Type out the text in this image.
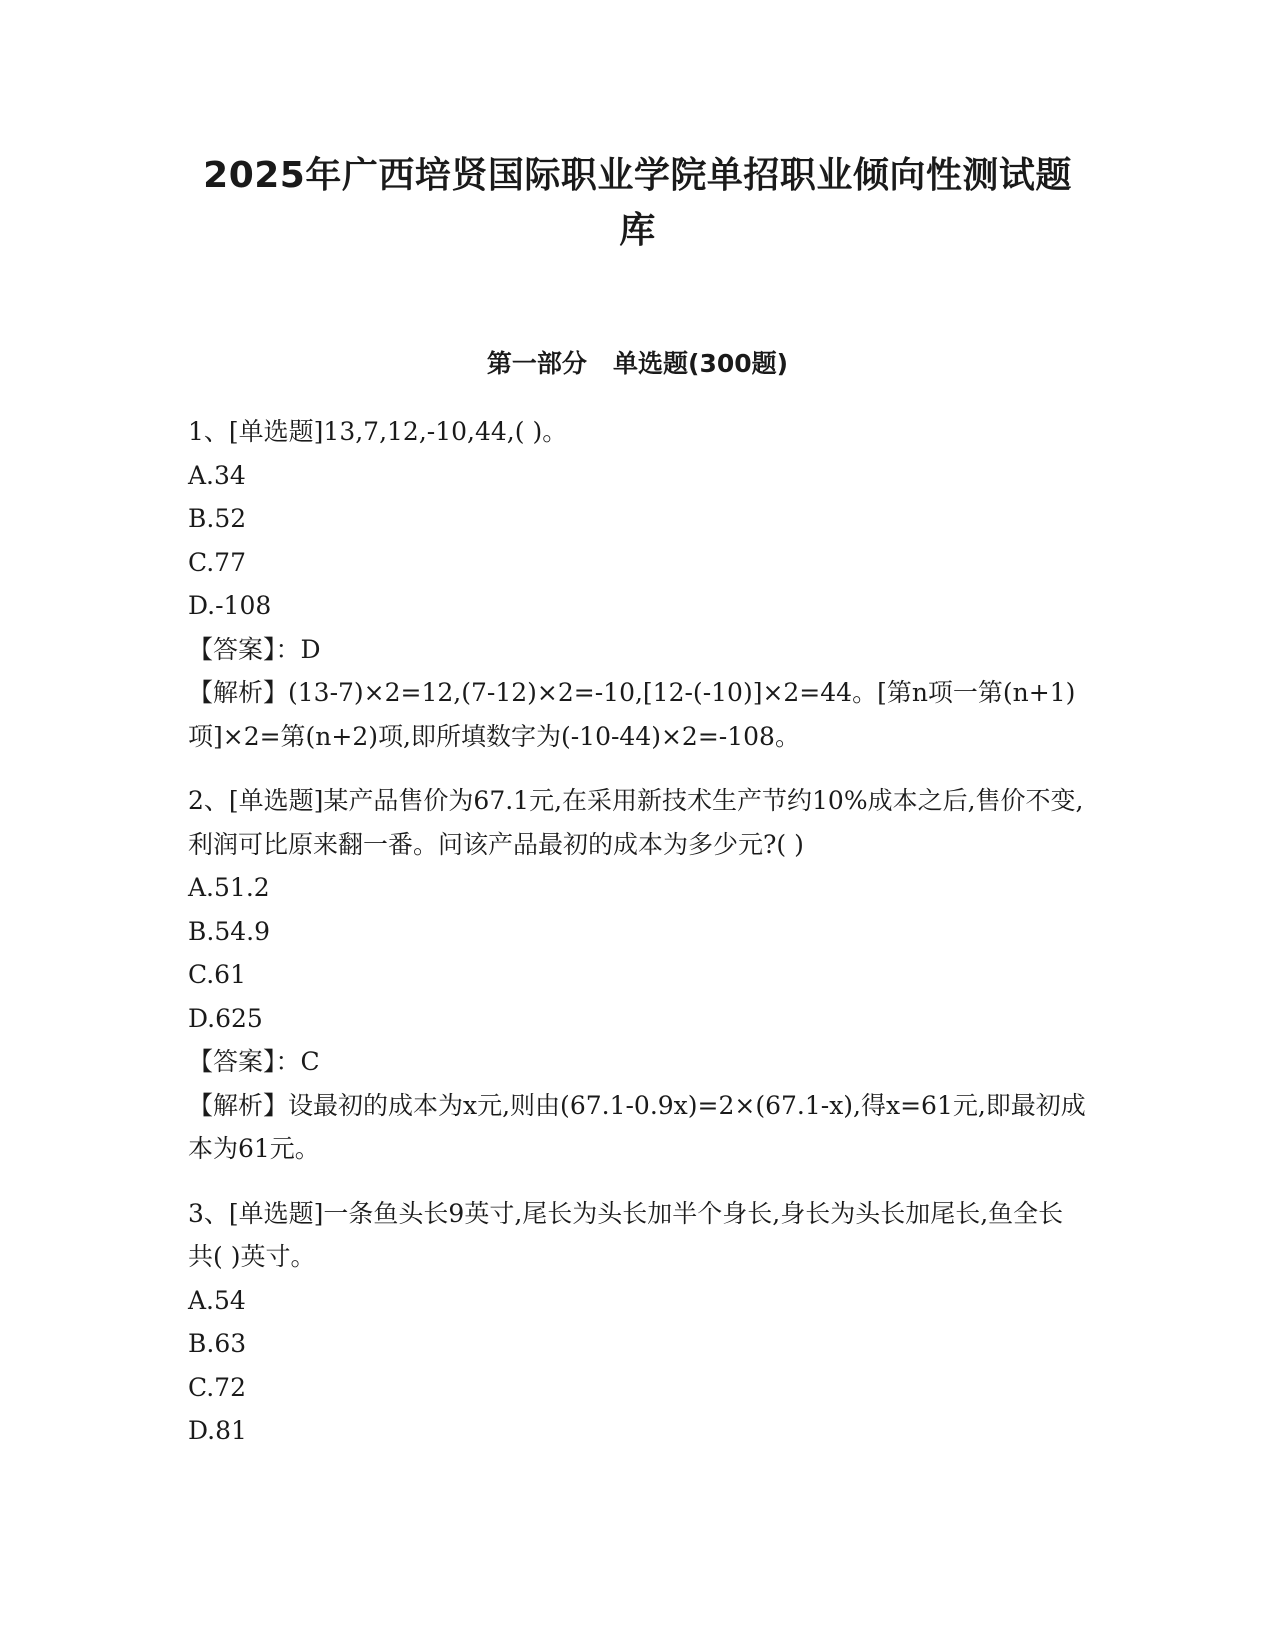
2025年广西培贤国际职业学院单招职业倾向性测试题
库
第一部分   单选题(300题)
1、[单选题]13,7,12,-10,44,( )。
A.34
B.52
C.77
D.-108
【答案】：D
【解析】(13-7)×2=12,(7-12)×2=-10,[12-(-10)]×2=44。[第n项一第(n+1)项]×2=第(n+2)项,即所填数字为(-10-44)×2=-108。
2、[单选题]某产品售价为67.1元,在采用新技术生产节约10%成本之后,售价不变,利润可比原来翻一番。问该产品最初的成本为多少元?( )
A.51.2
B.54.9
C.61
D.625
【答案】：C
【解析】设最初的成本为x元,则由(67.1-0.9x)=2×(67.1-x),得x=61元,即最初成本为61元。
3、[单选题]一条鱼头长9英寸,尾长为头长加半个身长,身长为头长加尾长,鱼全长共( )英寸。
A.54
B.63
C.72
D.81
